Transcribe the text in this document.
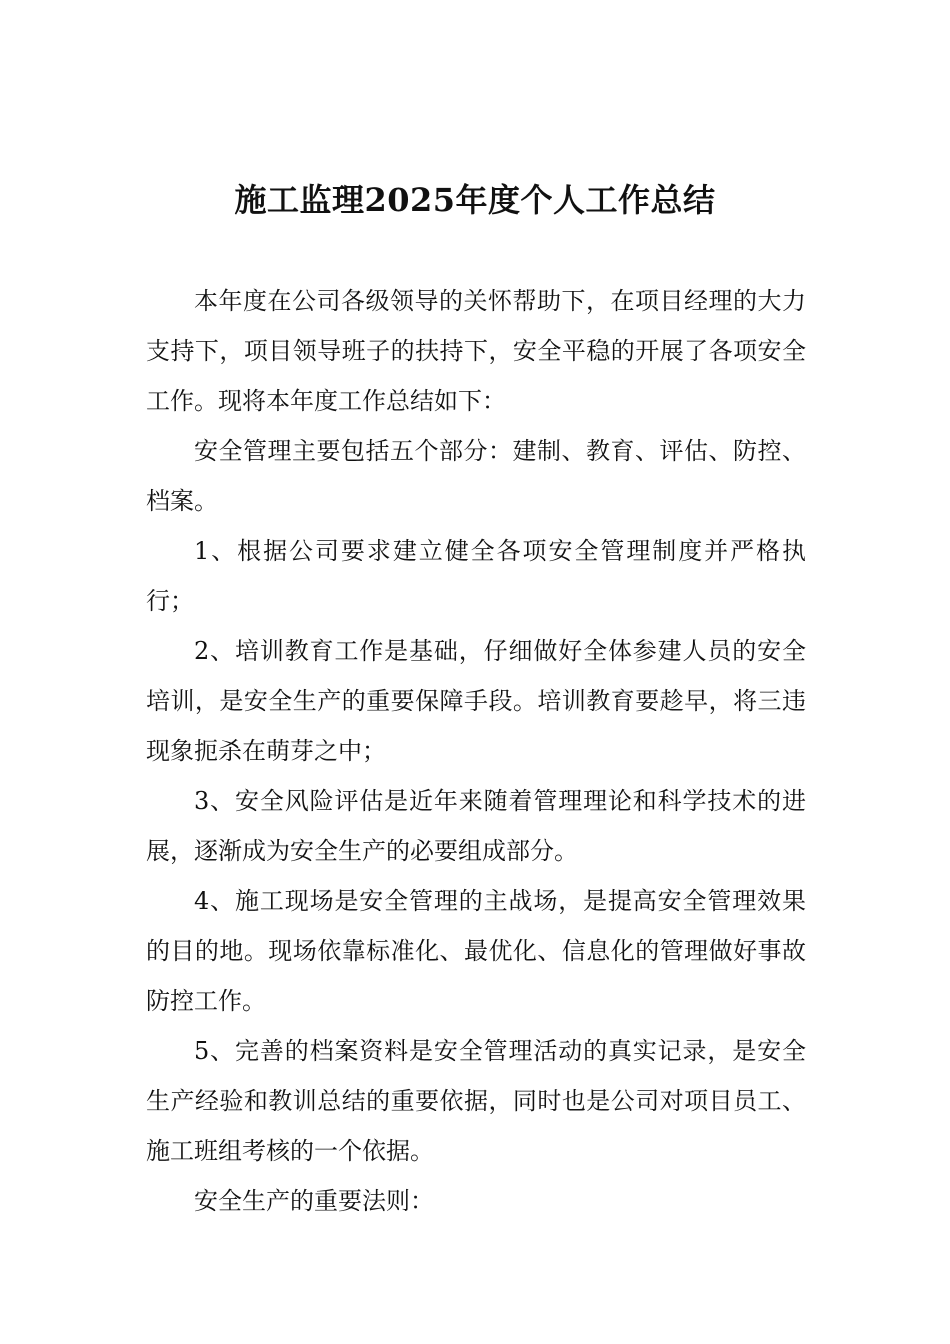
施工监理2025年度个人工作总结

本年度在公司各级领导的关怀帮助下，在项目经理的大力支持下，项目领导班子的扶持下，安全平稳的开展了各项安全工作。现将本年度工作总结如下：

安全管理主要包括五个部分：建制、教育、评估、防控、档案。

1、根据公司要求建立健全各项安全管理制度并严格执行；

2、培训教育工作是基础，仔细做好全体参建人员的安全培训，是安全生产的重要保障手段。培训教育要趁早，将三违现象扼杀在萌芽之中；

3、安全风险评估是近年来随着管理理论和科学技术的进展，逐渐成为安全生产的必要组成部分。

4、施工现场是安全管理的主战场，是提高安全管理效果的目的地。现场依靠标准化、最优化、信息化的管理做好事故防控工作。

5、完善的档案资料是安全管理活动的真实记录，是安全生产经验和教训总结的重要依据，同时也是公司对项目员工、施工班组考核的一个依据。

安全生产的重要法则：
